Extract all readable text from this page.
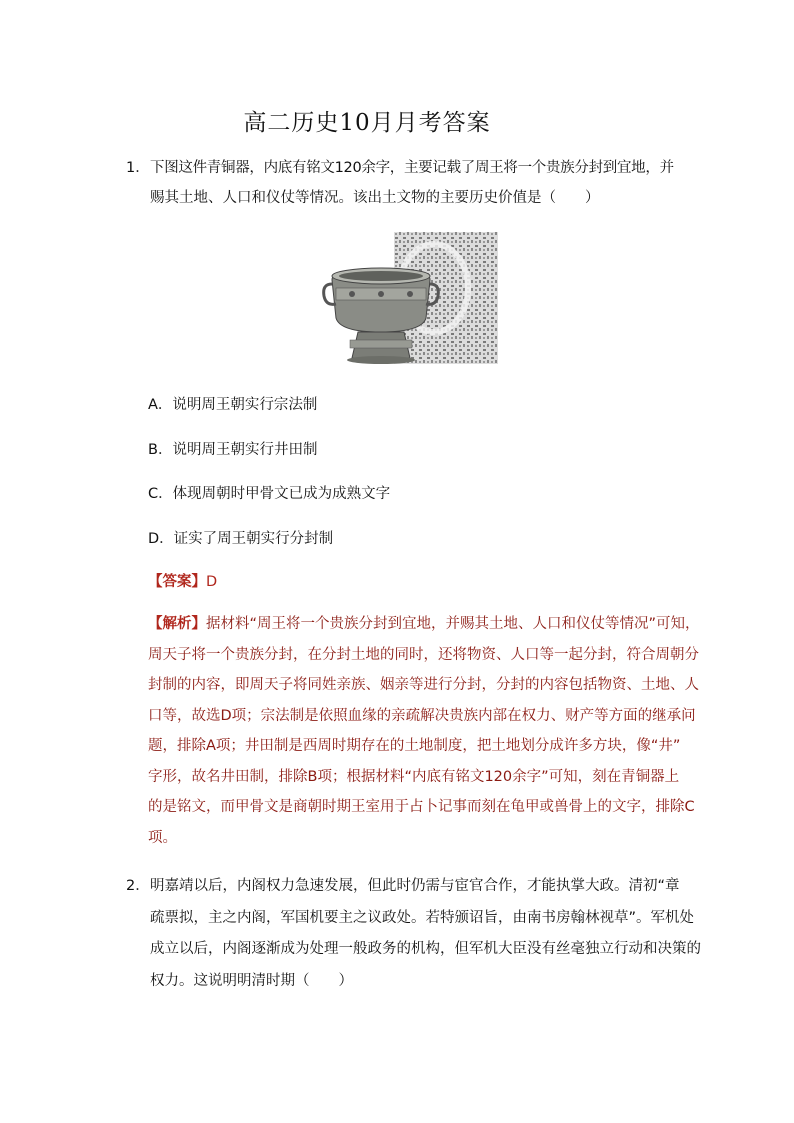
高二历史10月月考答案
1． 下图这件青铜器，内底有铭文120余字，主要记载了周王将一个贵族分封到宜地，并
赐其土地、人口和仪仗等情况。该出土文物的主要历史价值是（　　）
A．说明周王朝实行宗法制
B．说明周王朝实行井田制
C．体现周朝时甲骨文已成为成熟文字
D．证实了周王朝实行分封制
【答案】D
【解析】据材料“周王将一个贵族分封到宜地，并赐其土地、人口和仪仗等情况”可知，
周天子将一个贵族分封，在分封土地的同时，还将物资、人口等一起分封，符合周朝分
封制的内容，即周天子将同姓亲族、姻亲等进行分封，分封的内容包括物资、土地、人
口等，故选D项；宗法制是依照血缘的亲疏解决贵族内部在权力、财产等方面的继承问
题，排除A项；井田制是西周时期存在的土地制度，把土地划分成许多方块，像“井”
字形，故名井田制，排除B项；根据材料“内底有铭文120余字”可知，刻在青铜器上
的是铭文，而甲骨文是商朝时期王室用于占卜记事而刻在龟甲或兽骨上的文字，排除C
项。
2． 明嘉靖以后，内阁权力急速发展，但此时仍需与宦官合作，才能执掌大政。清初“章
疏票拟，主之内阁，军国机要主之议政处。若特颁诏旨，由南书房翰林视草”。军机处
成立以后，内阁逐渐成为处理一般政务的机构，但军机大臣没有丝毫独立行动和决策的
权力。这说明明清时期（　　）
